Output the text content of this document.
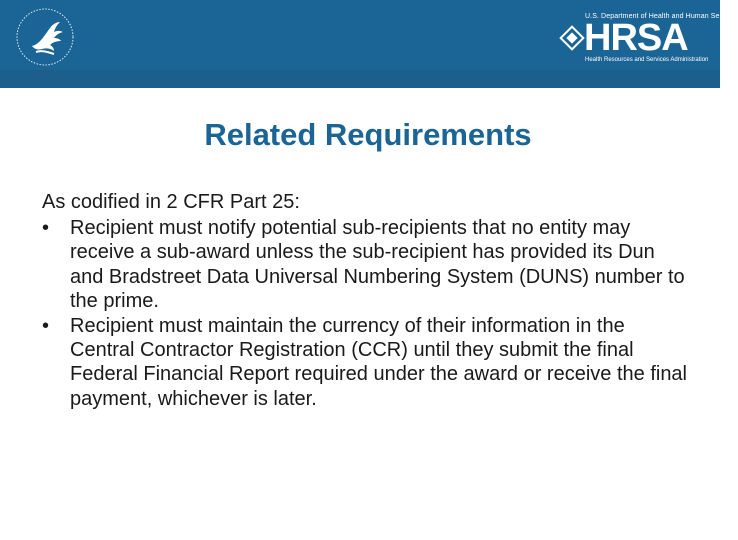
U.S. Department of Health and Human Services
HRSA
Health Resources and Services Administration
Related Requirements
As codified in 2 CFR Part 25:
• Recipient must notify potential sub-recipients that no entity may receive a sub-award unless the sub-recipient has provided its Dun and Bradstreet Data Universal Numbering System (DUNS) number to the prime.
• Recipient must maintain the currency of their information in the Central Contractor Registration (CCR) until they submit the final Federal Financial Report required under the award or receive the final payment, whichever is later.
